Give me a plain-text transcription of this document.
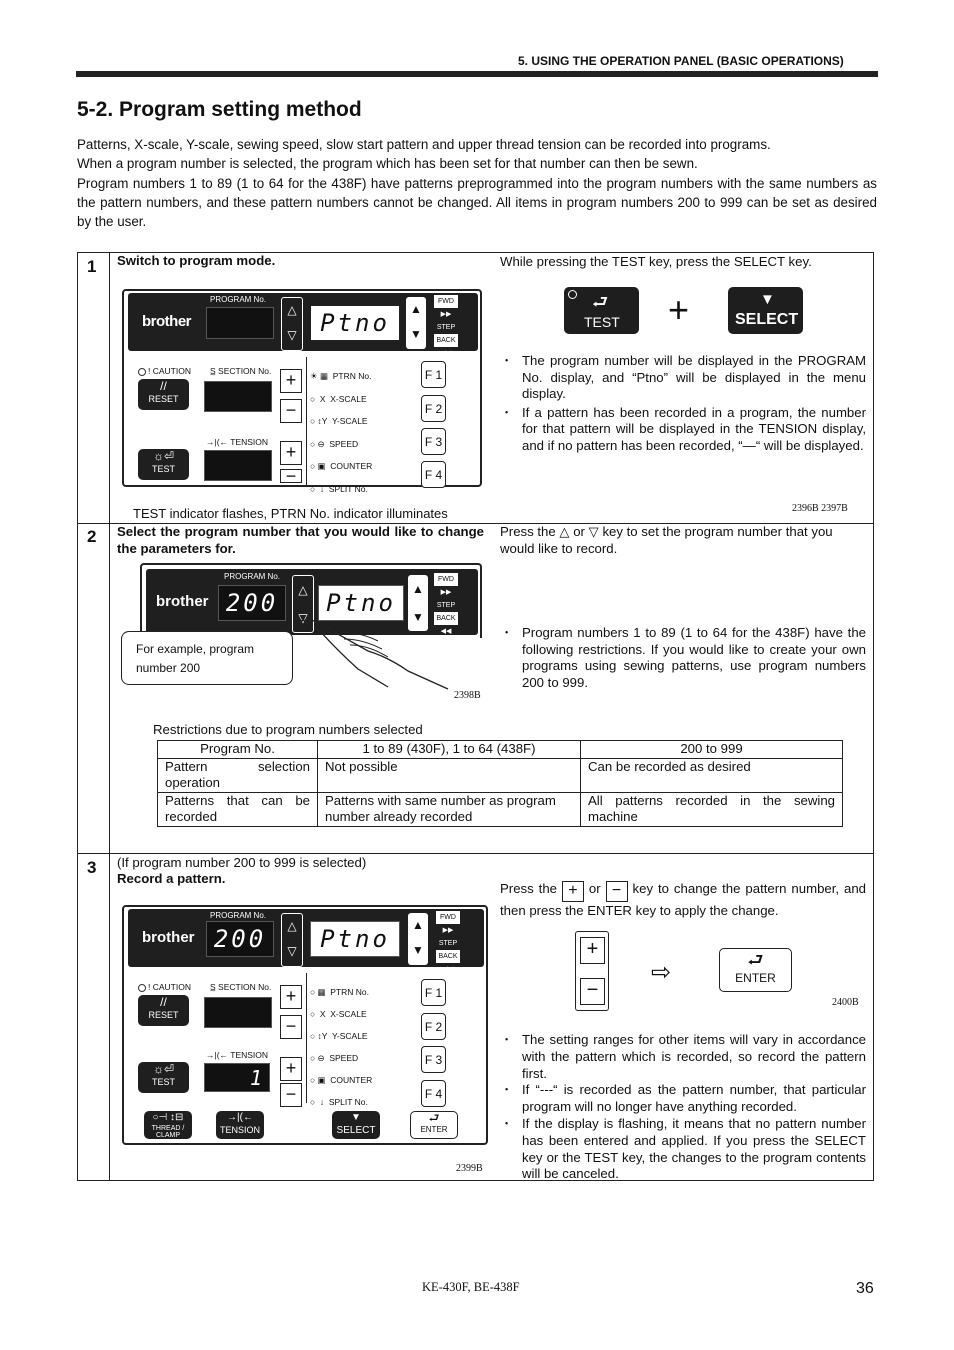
5. USING THE OPERATION PANEL (BASIC OPERATIONS)
5-2. Program setting method

Patterns, X-scale, Y-scale, sewing speed, slow start pattern and upper thread tension can be recorded into programs.

When a program number is selected, the program which has been set for that number can then be sewn.

Program numbers 1 to 89 (1 to 64 for the 438F) have patterns preprogrammed into the program numbers with the same numbers as the pattern numbers, and these pattern numbers cannot be changed. All items in program numbers 200 to 999 can be set as desired by the user.

1 Switch to program mode.	While pressing the TEST key, press the SELECT key.
brother
PROGRAM No.
△
▽ Ptno	▲
▼
FWD
▶▶
STEP
BACK
◀◀
! CAUTION
//
RESET
☼⏎
TEST
S̲ SECTION No.
→|(← TENSION
+
−
+
−
☀ ▦  PTRN No.
○  X  X-SCALE
○ ↕Y  Y-SCALE
○ ⊖  SPEED
○ ▣  COUNTER
○  ↓  SPLIT No.
F 1
F 2
F 3
F 4
TEST indicator flashes, PTRN No. indicator illuminates
⮐
TEST +	▼
SELECT

・ The program number will be displayed in the PROGRAM No. display, and “Ptno” will be displayed in the menu display.

・ If a pattern has been recorded in a program, the number for that pattern will be displayed in the TENSION display, and if no pattern has been recorded, “—“ will be displayed.

2396B 2397B
2 Select the program number that you would like to change the parameters for.
Press the △ or ▽ key to set the program number that you would like to record.
brother
PROGRAM No.
200	△
▽
Ptno	▲
▼
FWD
▶▶
STEP
BACK
◀◀
For example, program number 200
2398B

・ Program numbers 1 to 89 (1 to 64 for the 438F) have the following restrictions. If you would like to create your own programs using sewing patterns, use program numbers 200 to 999.

Restrictions due to program numbers selected
Program No.	1 to 89 (430F), 1 to 64 (438F)	200 to 999
Pattern selection operation	Not possible	Can be recorded as desired
Patterns that can be recorded	Patterns with same number as program number already recorded	All patterns recorded in the sewing machine
3 (If program number 200 to 999 is selected)
Record a pattern.
Press the + or − key to change the pattern number, and then press the ENTER key to apply the change.
brother
PROGRAM No.
200	△
▽ Ptno	▲
▼
FWD
▶▶
STEP
BACK
◀◀
! CAUTION
//
RESET
☼⏎
TEST
S̲ SECTION No.
→|(← TENSION
1
+
−
+
−
○ ▦  PTRN No.
○  X  X-SCALE
○ ↕Y  Y-SCALE
○ ⊖  SPEED
○ ▣  COUNTER
○  ↓  SPLIT No.
F 1
F 2
F 3
F 4
○⊣ ↕⊟
THREAD / CLAMP
→|(←
TENSION
▼
SELECT
⮐
ENTER
2399B
+
−
⇨	⮐
ENTER
2400B

・ The setting ranges for other items will vary in accordance with the pattern which is recorded, so record the pattern first.

・ If “---“ is recorded as the pattern number, that particular program will no longer have anything recorded.

・ If the display is flashing, it means that no pattern number has been entered and applied. If you press the SELECT key or the TEST key, the changes to the program contents will be canceled.

KE-430F, BE-438F	36
